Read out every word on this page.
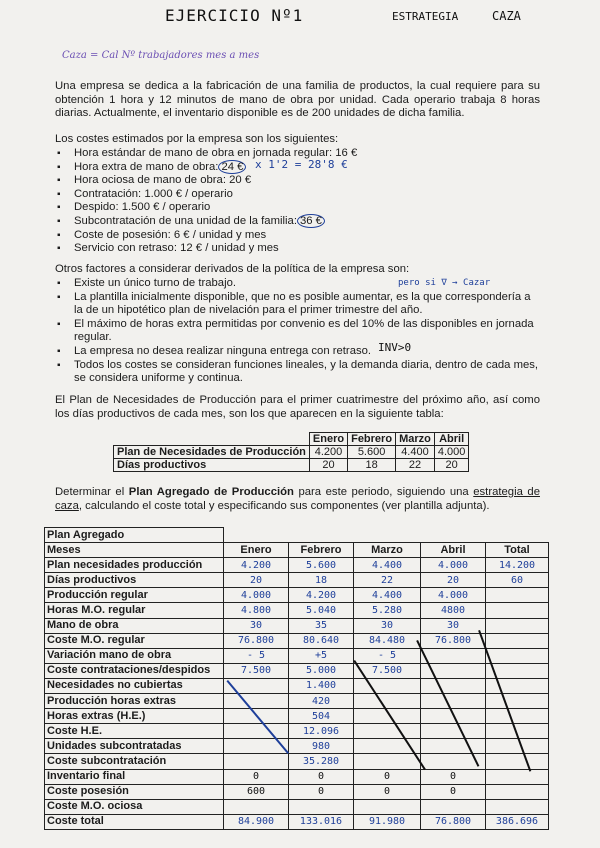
EJERCICIO Nº1	ESTRATEGIA	CAZA
Caza = Cal Nº trabajadores mes a mes
Una empresa se dedica a la fabricación de una familia de productos, la cual requiere para su obtención 1 hora y 12 minutos de mano de obra por unidad. Cada operario trabaja 8 horas diarias. Actualmente, el inventario disponible es de 200 unidades de dicha familia.
Los costes estimados por la empresa son los siguientes:
▪ Hora estándar de mano de obra en jornada regular: 16 €
▪ Hora extra de mano de obra: 24 €
▪ Hora ociosa de mano de obra: 20 €
▪ Contratación: 1.000 € / operario
▪ Despido: 1.500 € / operario
▪ Subcontratación de una unidad de la familia: 36 €
▪ Coste de posesión: 6 € / unidad y mes
▪ Servicio con retraso: 12 € / unidad y mes
x 1'2 = 28'8 €
Otros factores a considerar derivados de la política de la empresa son:
▪ Existe un único turno de trabajo.
▪ La plantilla inicialmente disponible, que no es posible aumentar, es la que correspondería a la de un hipotético plan de nivelación para el primer trimestre del año.
▪ El máximo de horas extra permitidas por convenio es del 10% de las disponibles en jornada regular.
▪ La empresa no desea realizar ninguna entrega con retraso.
▪ Todos los costes se consideran funciones lineales, y la demanda diaria, dentro de cada mes, se considera uniforme y continua.
pero si ∇ → Cazar
INV>0
El Plan de Necesidades de Producción para el primer cuatrimestre del próximo año, así como los días productivos de cada mes, son los que aparecen en la siguiente tabla:
	Enero	Febrero	Marzo	Abril
Plan de Necesidades de Producción	4.200	5.600	4.400	4.000
Días productivos	20	18	22	20
Determinar el Plan Agregado de Producción para este periodo, siguiendo una estrategia de caza, calculando el coste total y especificando sus componentes (ver plantilla adjunta).
Plan Agregado					
Meses	Enero	Febrero	Marzo	Abril	Total
Plan necesidades producción	4.200	5.600	4.400	4.000	14.200
Días productivos	20	18	22	20	60
Producción regular	4.000	4.200	4.400	4.000	
Horas M.O. regular	4.800	5.040	5.280	4800	
Mano de obra	30	35	30	30	
Coste M.O. regular	76.800	80.640	84.480	76.800	
Variación mano de obra	- 5	+5	- 5		
Coste contrataciones/despidos	7.500	5.000	7.500		
Necesidades no cubiertas		1.400			
Producción horas extras		420			
Horas extras (H.E.)		504			
Coste H.E.		12.096			
Unidades subcontratadas		980			
Coste subcontratación		35.280			
Inventario final	0	0	0	0	
Coste posesión	600	0	0	0	
Coste M.O. ociosa					
Coste total	84.900	133.016	91.980	76.800	386.696
